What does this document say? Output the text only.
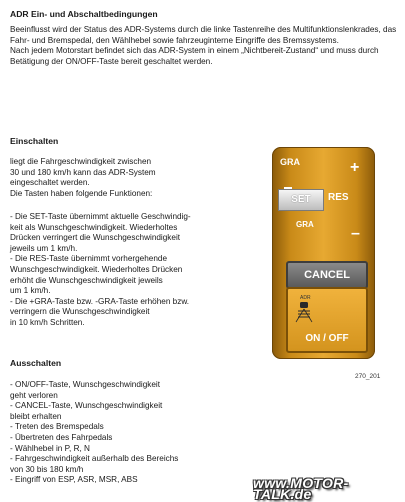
ADR Ein- und Abschaltbedingungen
Beeinflusst wird der Status des ADR-Systems durch die linke Tastenreihe des Multifunktionslenkrades, das
Fahr- und Bremspedal, den Wählhebel sowie fahrzeuginterne Eingriffe des Bremssystems.
Nach jedem Motorstart befindet sich das ADR-System in einem „Nichtbereit-Zustand“ und muss durch
Betätigung der ON/OFF-Taste bereit geschaltet werden.
Einschalten
liegt die Fahrgeschwindigkeit zwischen
30 und 180 km/h kann das ADR-System
eingeschaltet werden.
Die Tasten haben folgende Funktionen:
- Die SET-Taste übernimmt aktuelle Geschwindig-
keit als Wunschgeschwindigkeit. Wiederholtes
Drücken verringert die Wunschgeschwindigkeit
jeweils um 1 km/h.
- Die RES-Taste übernimmt vorhergehende
Wunschgeschwindigkeit. Wiederholtes Drücken
erhöht die Wunschgeschwindigkeit jeweils
um 1 km/h.
- Die +GRA-Taste bzw. -GRA-Taste erhöhen bzw.
verringern die Wunschgeschwindigkeit
in 10 km/h Schritten.
Ausschalten
- ON/OFF-Taste, Wunschgeschwindigkeit
geht verloren
- CANCEL-Taste, Wunschgeschwindigkeit
bleibt erhalten
- Treten des Bremspedals
- Übertreten des Fahrpedals
- Wählhebel in P, R, N
- Fahrgeschwindigkeit außerhalb des Bereichs
von 30 bis 180 km/h
- Eingriff von ESP, ASR, MSR, ABS
GRA	+
SET	RES
GRA
–
CANCEL
ADR
ON / OFF
270_201
www.MOTOR-TALK.de
